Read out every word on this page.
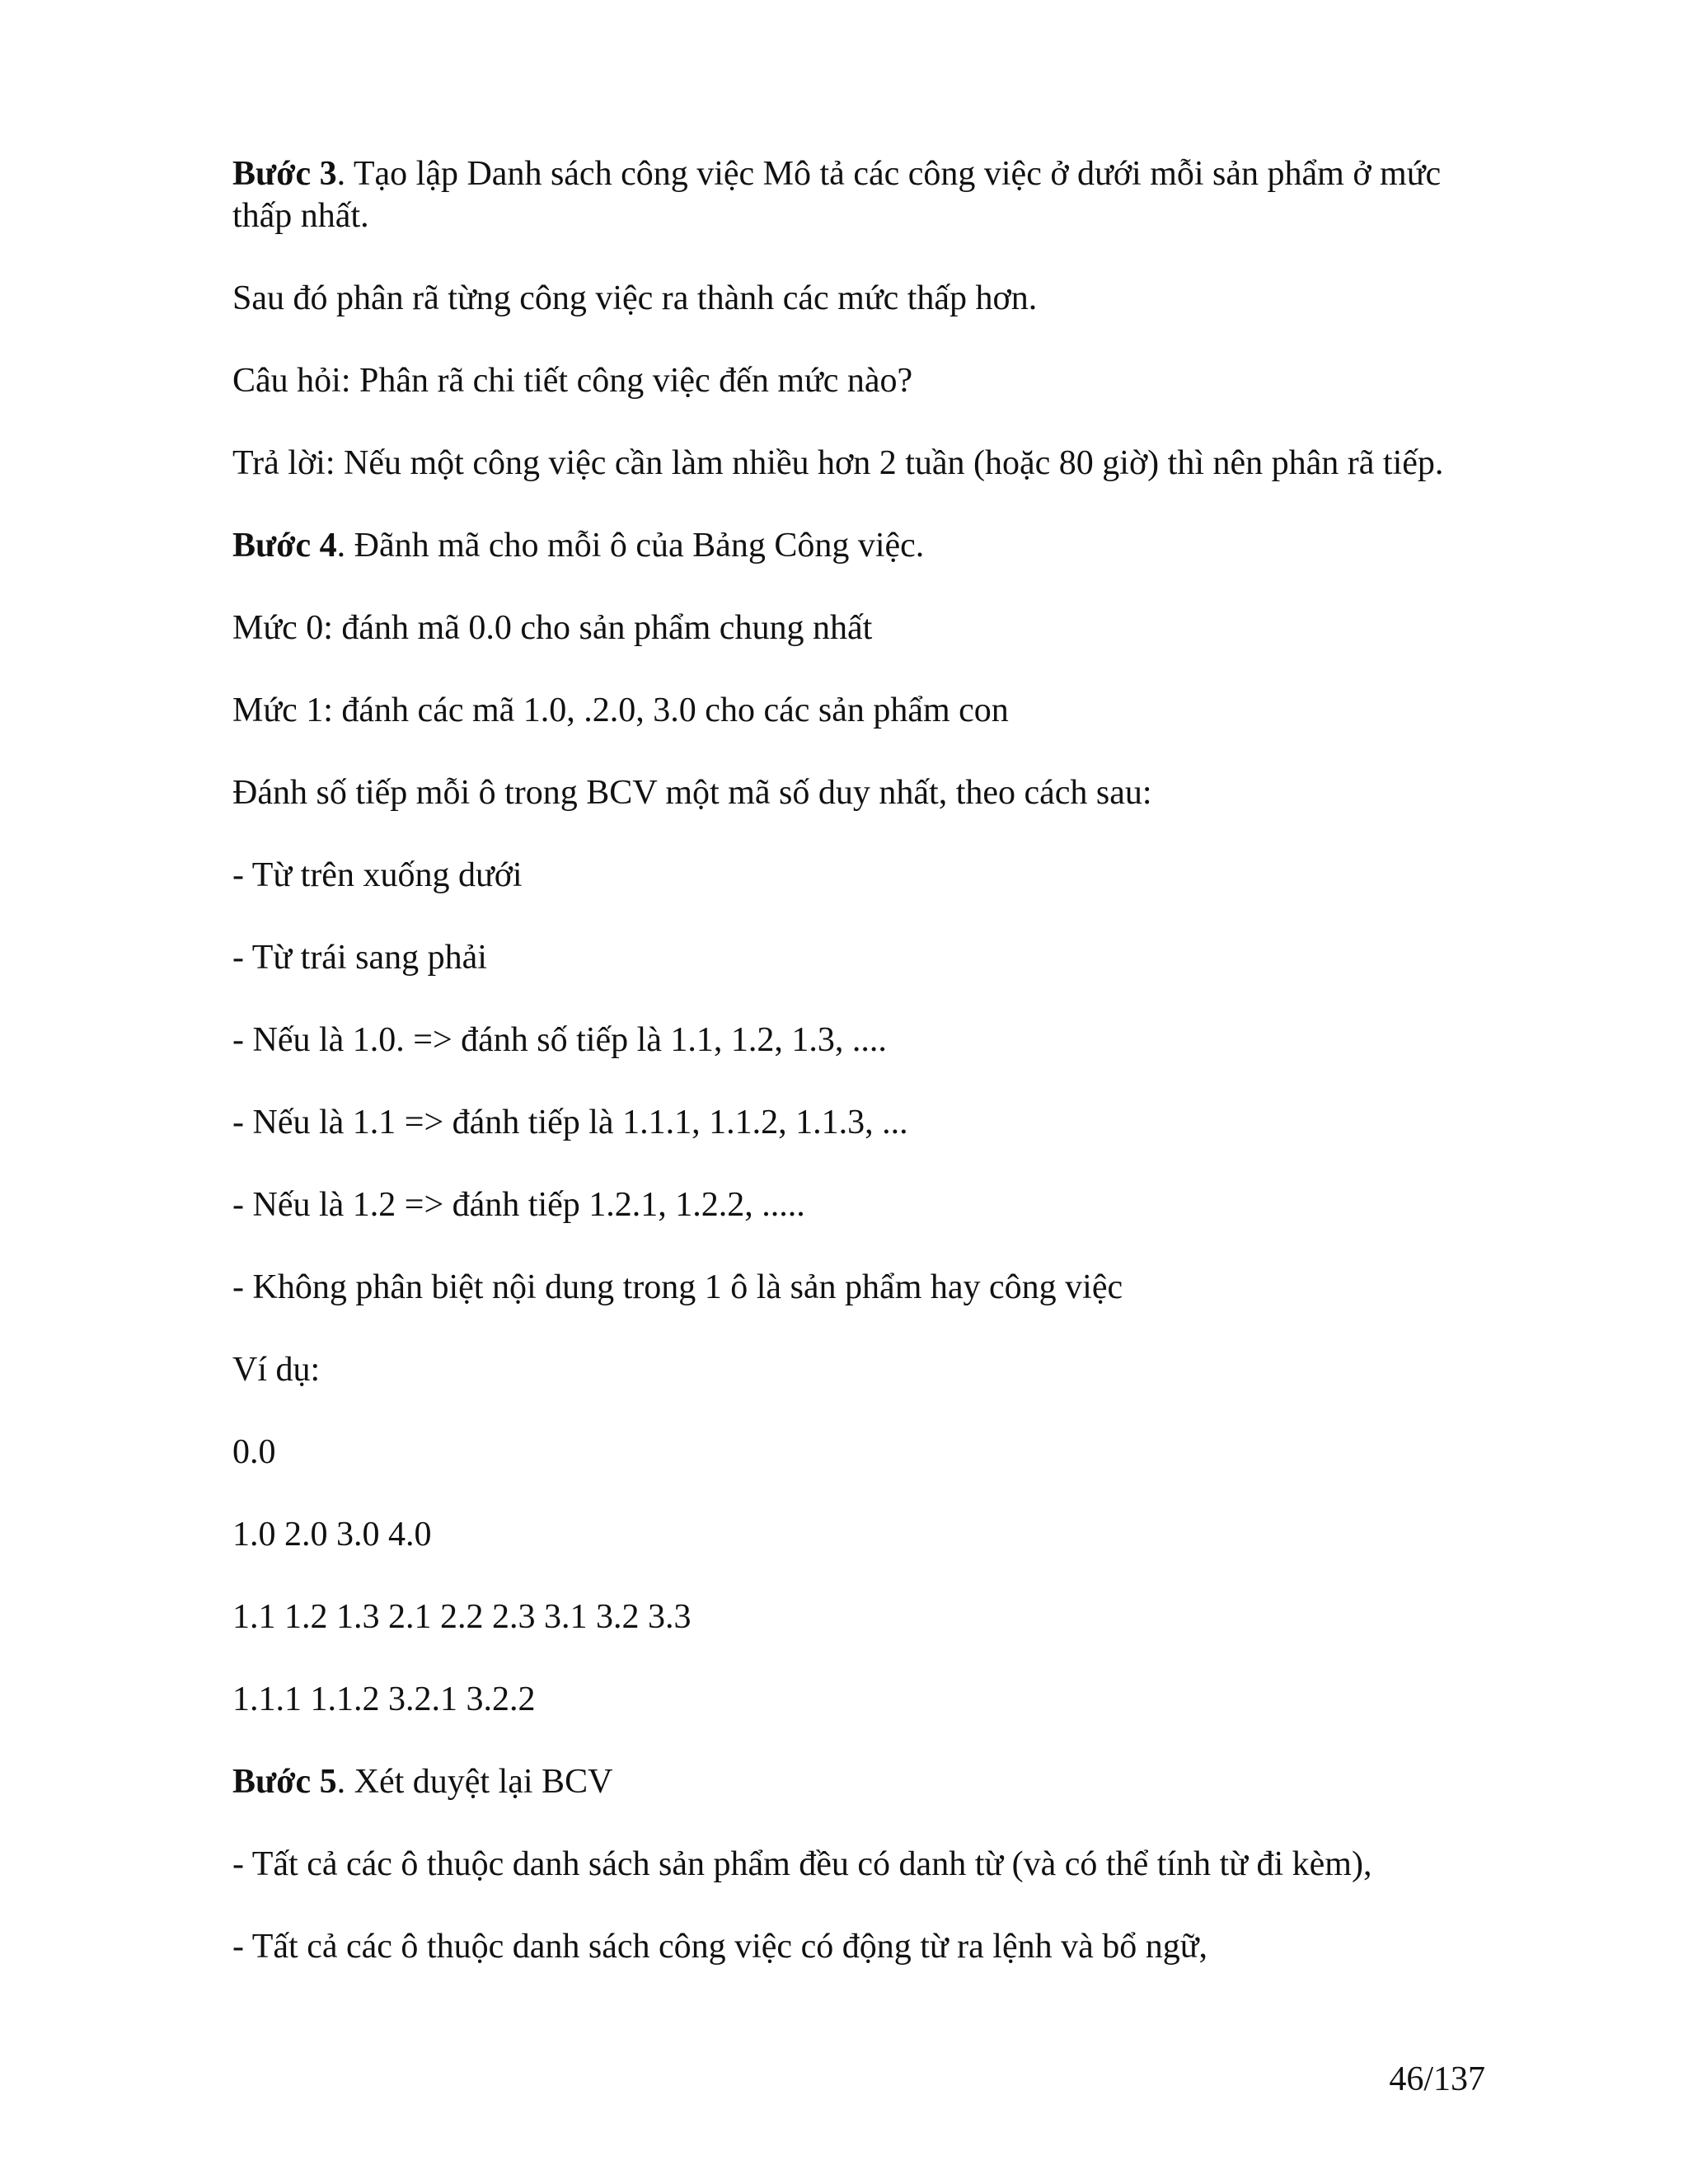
Bước 3. Tạo lập Danh sách công việc Mô tả các công việc ở dưới mỗi sản phẩm ở mức thấp nhất.

Sau đó phân rã từng công việc ra thành các mức thấp hơn.

Câu hỏi: Phân rã chi tiết công việc đến mức nào?

Trả lời: Nếu một công việc cần làm nhiều hơn 2 tuần (hoặc 80 giờ) thì nên phân rã tiếp.

Bước 4. Đãnh mã cho mỗi ô của Bảng Công việc.

Mức 0: đánh mã 0.0 cho sản phẩm chung nhất

Mức 1: đánh các mã 1.0, .2.0, 3.0 cho các sản phẩm con

Đánh số tiếp mỗi ô trong BCV một mã số duy nhất, theo cách sau:

- Từ trên xuống dưới

- Từ trái sang phải

- Nếu là 1.0. => đánh số tiếp là 1.1, 1.2, 1.3, ....

- Nếu là 1.1 => đánh tiếp là 1.1.1, 1.1.2, 1.1.3, ...

- Nếu là 1.2 => đánh tiếp 1.2.1, 1.2.2, .....

- Không phân biệt nội dung trong 1 ô là sản phẩm hay công việc

Ví dụ:

0.0

1.0 2.0 3.0 4.0

1.1 1.2 1.3 2.1 2.2 2.3 3.1 3.2 3.3

1.1.1 1.1.2 3.2.1 3.2.2

Bước 5. Xét duyệt lại BCV

- Tất cả các ô thuộc danh sách sản phẩm đều có danh từ (và có thể tính từ đi kèm),

- Tất cả các ô thuộc danh sách công việc có động từ ra lệnh và bổ ngữ,

46/137
